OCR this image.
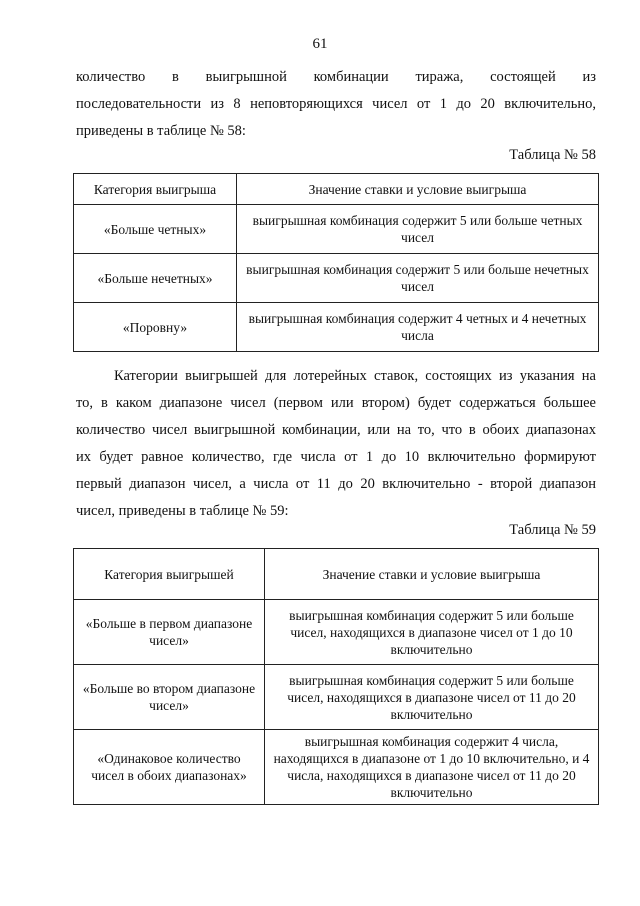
61

количество в выигрышной комбинации тиража, состоящей из
последовательности из 8 неповторяющихся чисел от 1 до 20 включительно,
приведены в таблице № 58:

Таблица № 58
Категория выигрыша	Значение ставки и условие выигрыша
«Больше четных»	выигрышная комбинация содержит 5 или больше четных чисел
«Больше нечетных»	выигрышная комбинация содержит 5 или больше нечетных чисел
«Поровну»	выигрышная комбинация содержит 4 четных и 4 нечетных числа

Категории выигрышей для лотерейных ставок, состоящих из указания на
то, в каком диапазоне чисел (первом или втором) будет содержаться большее
количество чисел выигрышной комбинации, или на то, что в обоих диапазонах
их будет равное количество, где числа от 1 до 10 включительно формируют
первый диапазон чисел, а числа от 11 до 20 включительно - второй диапазон
чисел, приведены в таблице № 59:

Таблица № 59
Категория выигрышей	Значение ставки и условие выигрыша
«Больше в первом диапазоне чисел»	выигрышная комбинация содержит 5 или больше чисел, находящихся в диапазоне чисел от 1 до 10 включительно
«Больше во втором диапазоне чисел»	выигрышная комбинация содержит 5 или больше чисел, находящихся в диапазоне чисел от 11 до 20 включительно
«Одинаковое количество чисел в обоих диапазонах»	выигрышная комбинация содержит 4 числа, находящихся в диапазоне от 1 до 10 включительно, и 4 числа, находящихся в диапазоне чисел от 11 до 20 включительно
